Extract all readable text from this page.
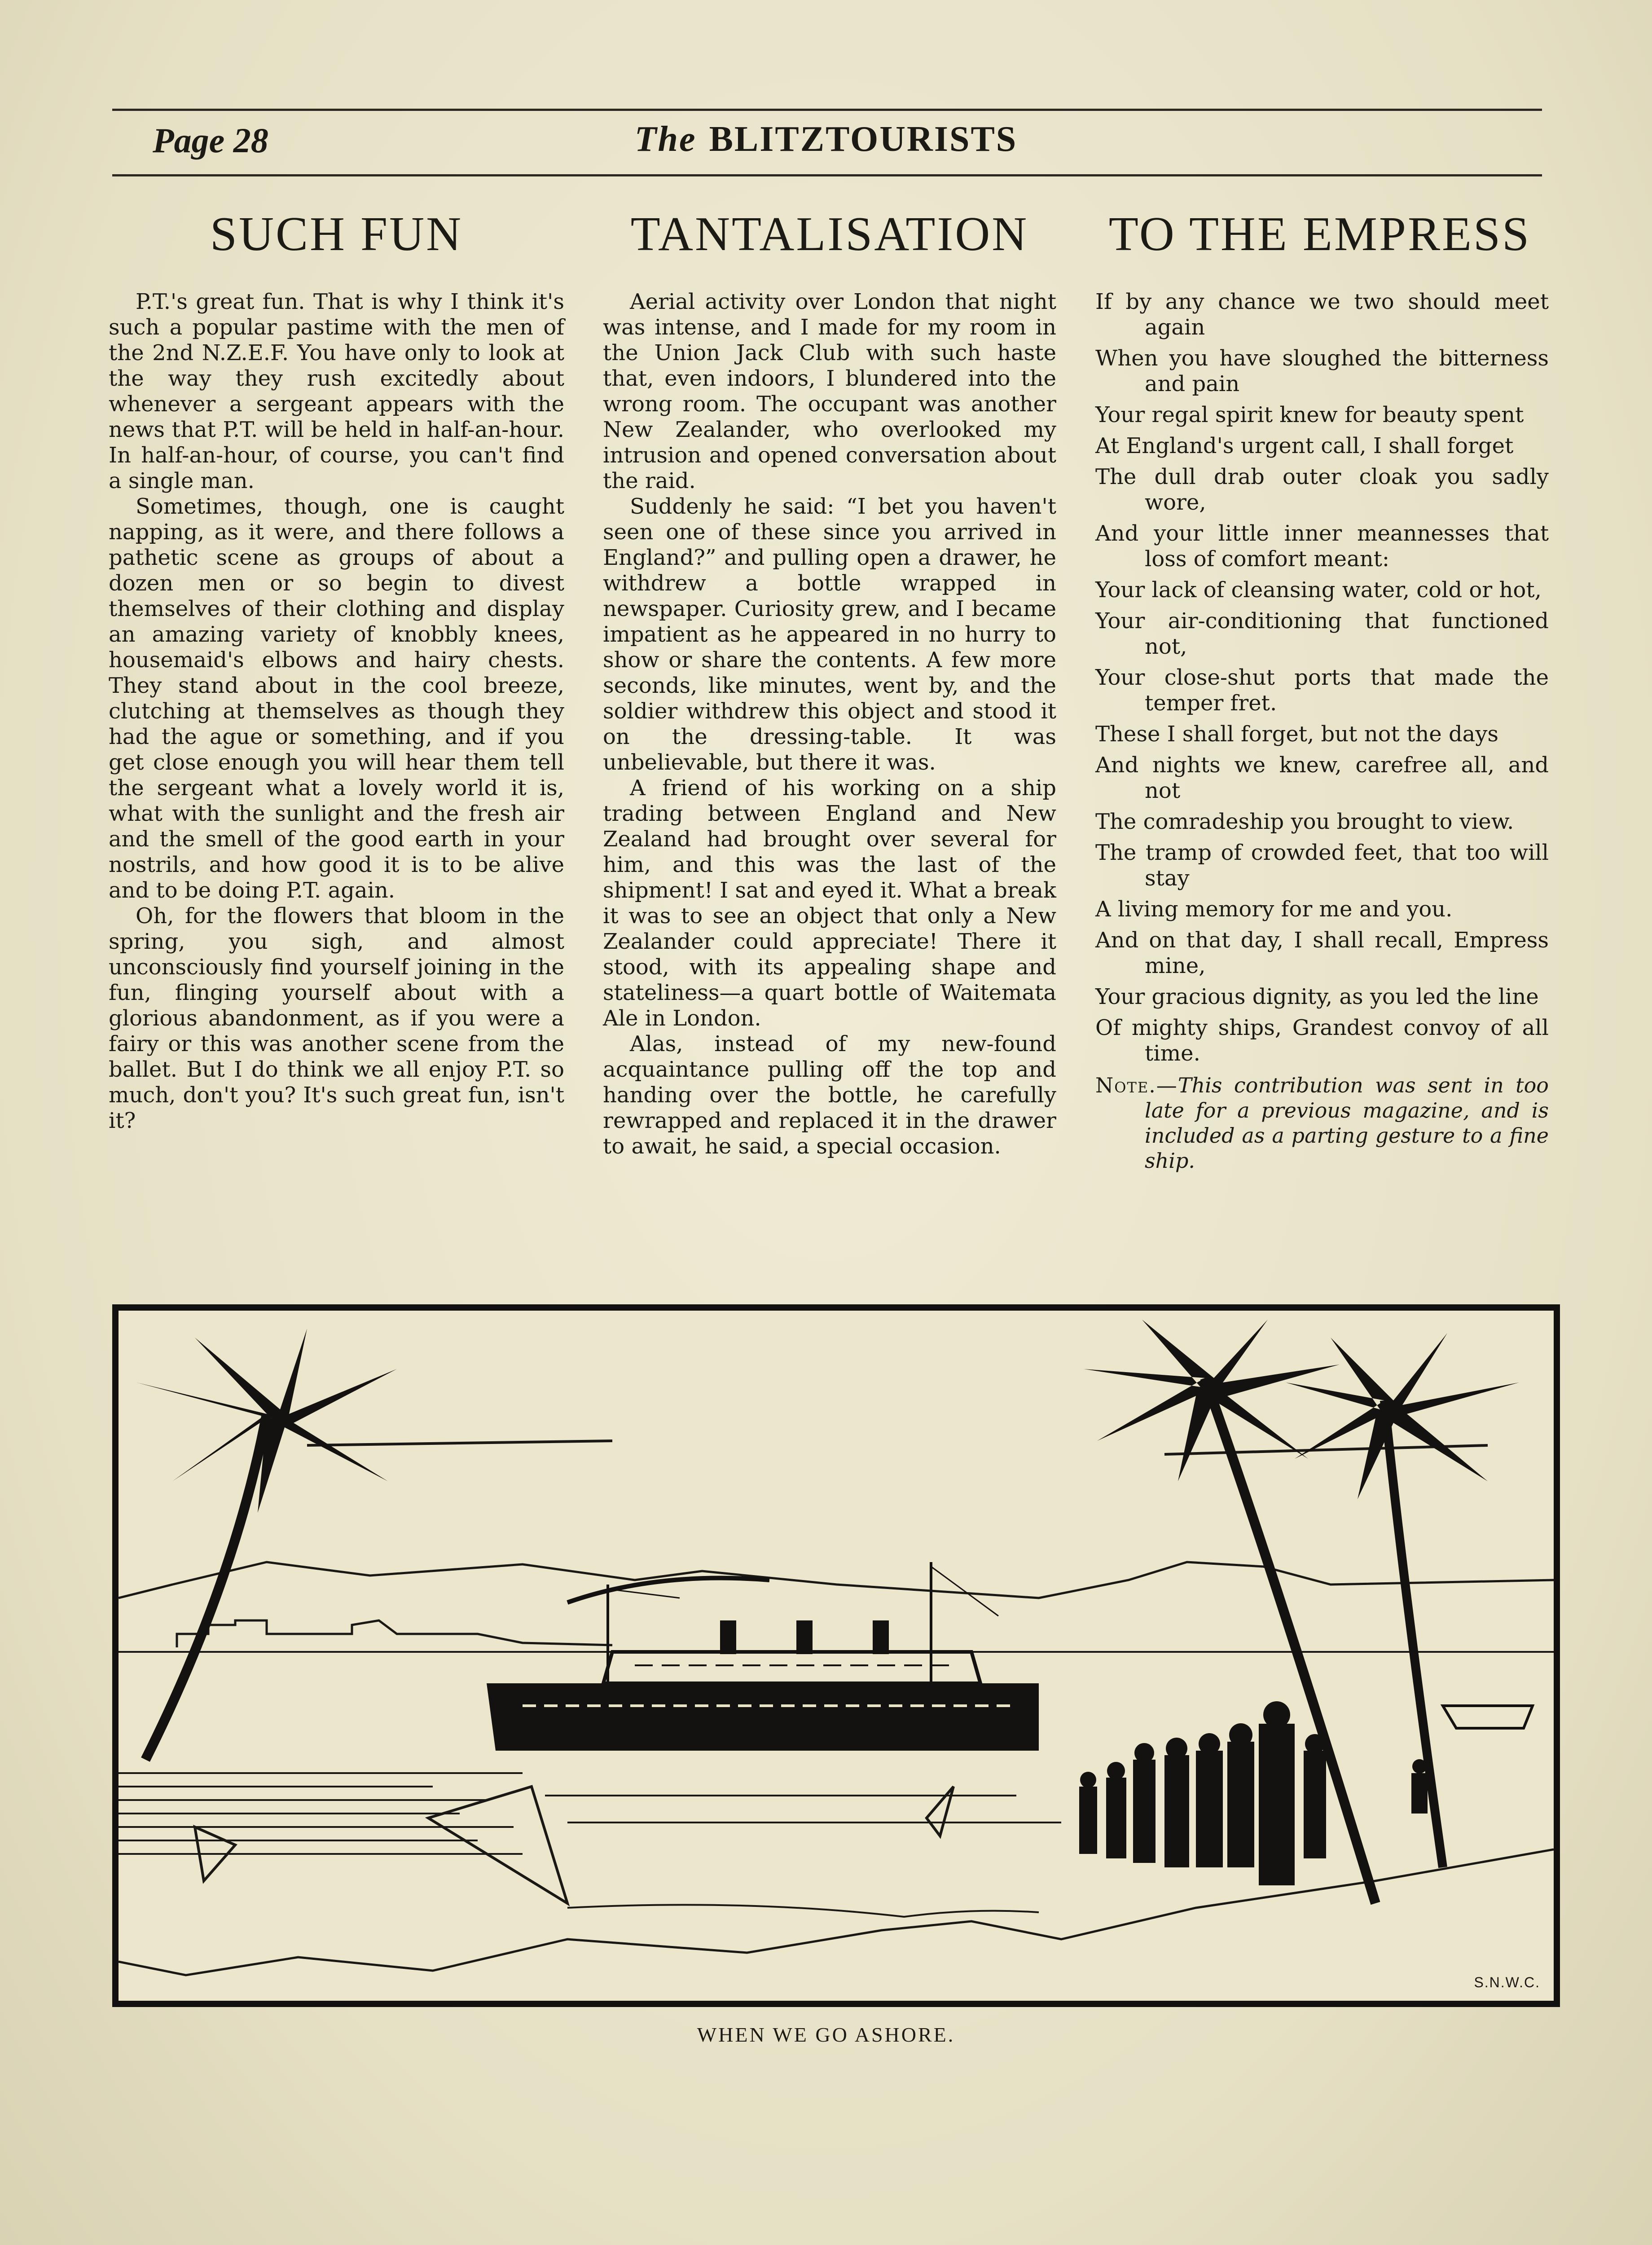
Page 28	The BLITZTOURISTS
SUCH FUN

P.T.'s great fun. That is why I think it's such a popular pastime with the men of the 2nd N.Z.E.F. You have only to look at the way they rush excitedly about whenever a sergeant appears with the news that P.T. will be held in half-an-hour. In half-an-hour, of course, you can't find a single man.

Sometimes, though, one is caught napping, as it were, and there follows a pathetic scene as groups of about a dozen men or so begin to divest themselves of their clothing and display an amazing variety of knobbly knees, housemaid's elbows and hairy chests. They stand about in the cool breeze, clutching at themselves as though they had the ague or something, and if you get close enough you will hear them tell the sergeant what a lovely world it is, what with the sunlight and the fresh air and the smell of the good earth in your nostrils, and how good it is to be alive and to be doing P.T. again.

Oh, for the flowers that bloom in the spring, you sigh, and almost unconsciously find yourself joining in the fun, flinging yourself about with a glorious abandonment, as if you were a fairy or this was another scene from the ballet. But I do think we all enjoy P.T. so much, don't you? It's such great fun, isn't it?

TANTALISATION

Aerial activity over London that night was intense, and I made for my room in the Union Jack Club with such haste that, even indoors, I blundered into the wrong room. The occupant was another New Zealander, who overlooked my intrusion and opened conversation about the raid.

Suddenly he said: “I bet you haven't seen one of these since you arrived in England?” and pulling open a drawer, he withdrew a bottle wrapped in newspaper. Curiosity grew, and I became impatient as he appeared in no hurry to show or share the contents. A few more seconds, like minutes, went by, and the soldier withdrew this object and stood it on the dressing-table. It was unbelievable, but there it was.

A friend of his working on a ship trading between England and New Zealand had brought over several for him, and this was the last of the shipment! I sat and eyed it. What a break it was to see an object that only a New Zealander could appreciate! There it stood, with its appealing shape and stateliness—a quart bottle of Waitemata Ale in London.

Alas, instead of my new-found acquaintance pulling off the top and handing over the bottle, he carefully rewrapped and replaced it in the drawer to await, he said, a special occasion.

TO THE EMPRESS
If by any chance we two should meet again
When you have sloughed the bitterness and pain
Your regal spirit knew for beauty spent
At England's urgent call, I shall forget
The dull drab outer cloak you sadly wore,
And your little inner meannesses that loss of comfort meant:
Your lack of cleansing water, cold or hot,
Your air-conditioning that functioned not,
Your close-shut ports that made the temper fret.
These I shall forget, but not the days
And nights we knew, carefree all, and not
The comradeship you brought to view.
The tramp of crowded feet, that too will stay
A living memory for me and you.
And on that day, I shall recall, Empress mine,
Your gracious dignity, as you led the line
Of mighty ships, Grandest convoy of all time.
Note.—This contribution was sent in too late for a previous magazine, and is included as a parting gesture to a fine ship.
S.N.W.C.
WHEN WE GO ASHORE.
